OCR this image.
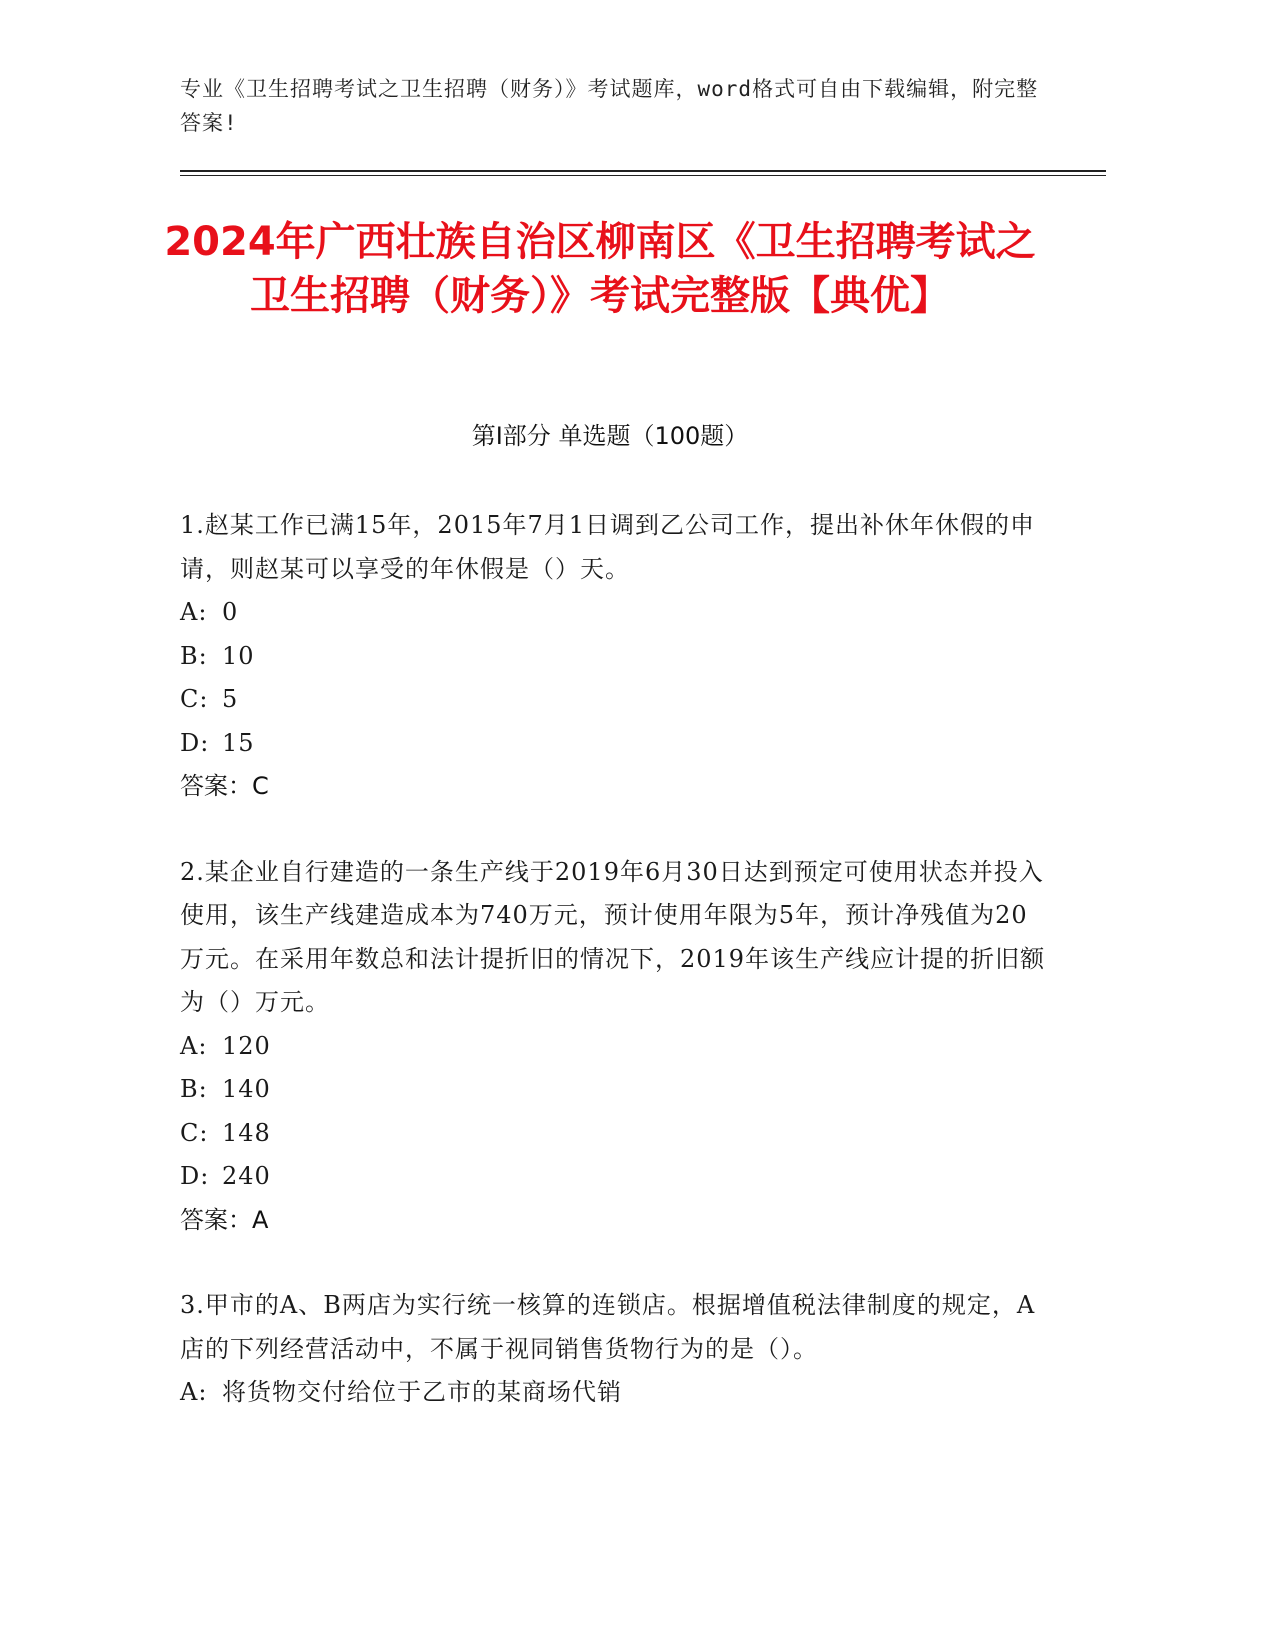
专业《卫生招聘考试之卫生招聘（财务）》考试题库，word格式可自由下载编辑，附完整答案!
2024年广西壮族自治区柳南区《卫生招聘考试之卫生招聘（财务）》考试完整版【典优】
第I部分 单选题（100题）
1.赵某工作已满15年，2015年7月1日调到乙公司工作，提出补休年休假的申请，则赵某可以享受的年休假是（）天。
A: 0
B: 10
C: 5
D: 15
答案：C
2.某企业自行建造的一条生产线于2019年6月30日达到预定可使用状态并投入使用，该生产线建造成本为740万元，预计使用年限为5年，预计净残值为20万元。在采用年数总和法计提折旧的情况下，2019年该生产线应计提的折旧额为（）万元。
A: 120
B: 140
C: 148
D: 240
答案：A
3.甲市的A、B两店为实行统一核算的连锁店。根据增值税法律制度的规定，A店的下列经营活动中，不属于视同销售货物行为的是（）。
A: 将货物交付给位于乙市的某商场代销
